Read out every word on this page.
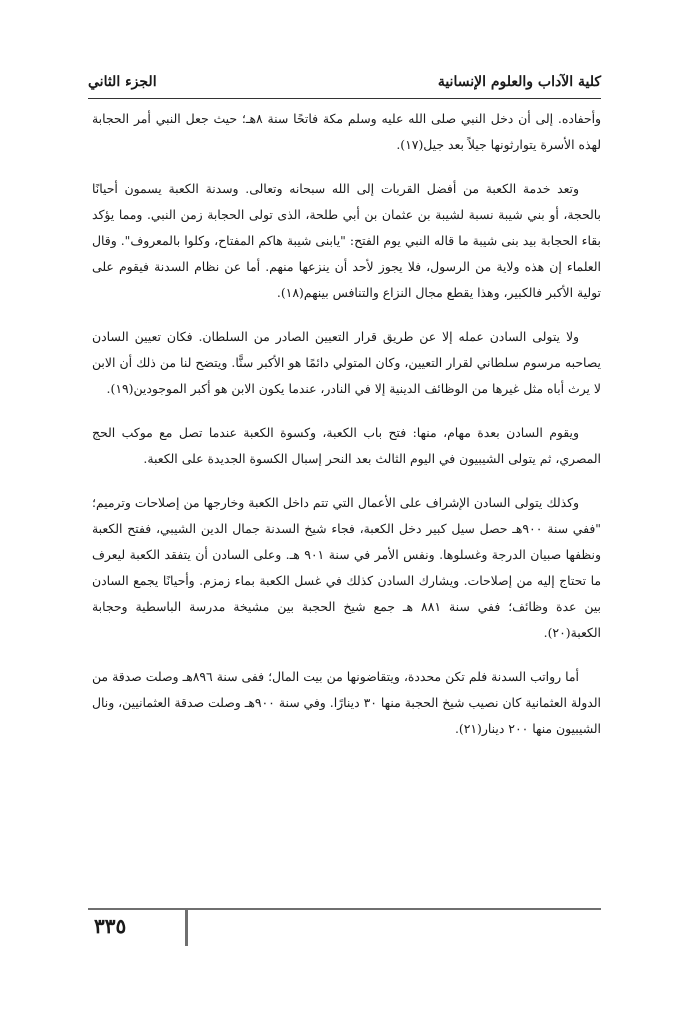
كلية الآداب والعلوم الإنسانية
الجزء الثاني

وأحفاده. إلى أن دخل النبي صلى الله عليه وسلم مكة فاتحًا سنة ٨هـ؛ حيث جعل النبي أمر الحجابة لهذه الأسرة يتوارثونها جيلاً بعد جيل(١٧).

وتعد خدمة الكعبة من أفضل القربات إلى الله سبحانه وتعالى. وسدنة الكعبة يسمون أحيانًا بالحجة، أو بني شيبة نسبة لشيبة بن عثمان بن أبي طلحة، الذى تولى الحجابة زمن النبي. ومما يؤكد بقاء الحجابة بيد بنى شيبة ما قاله النبي يوم الفتح: "يابنى شيبة هاكم المفتاح، وكلوا بالمعروف". وقال العلماء إن هذه ولاية من الرسول، فلا يجوز لأحد أن ينزعها منهم. أما عن نظام السدنة فيقوم على تولية الأكبر فالكبير، وهذا يقطع مجال النزاع والتنافس بينهم(١٨).

ولا يتولى السادن عمله إلا عن طريق قرار التعيين الصادر من السلطان. فكان تعيين السادن يصاحبه مرسوم سلطاني لقرار التعيين، وكان المتولي دائمًا هو الأكبر سنًّا. ويتضح لنا من ذلك أن الابن لا يرث أباه مثل غيرها من الوظائف الدينية إلا في النادر، عندما يكون الابن هو أكبر الموجودين(١٩).

ويقوم السادن بعدة مهام، منها: فتح باب الكعبة، وكسوة الكعبة عندما تصل مع موكب الحج المصري، ثم يتولى الشيبيون في اليوم الثالث بعد النحر إسبال الكسوة الجديدة على الكعبة.

وكذلك يتولى السادن الإشراف على الأعمال التي تتم داخل الكعبة وخارجها من إصلاحات وترميم؛ "ففي سنة ٩٠٠هـ حصل سيل كبير دخل الكعبة، فجاء شيخ السدنة جمال الدين الشيبي، ففتح الكعبة ونظفها صبيان الدرجة وغسلوها. ونفس الأمر في سنة ٩٠١ هـ. وعلى السادن أن يتفقد الكعبة ليعرف ما تحتاج إليه من إصلاحات. ويشارك السادن كذلك في غسل الكعبة بماء زمزم. وأحيانًا يجمع السادن بين عدة وظائف؛ ففي سنة ٨٨١ هـ جمع شيخ الحجبة بين مشيخة مدرسة الباسطية وحجابة الكعبة(٢٠).

أما رواتب السدنة فلم تكن محددة، ويتقاضونها من بيت المال؛ ففى سنة ٨٩٦هـ وصلت صدقة من الدولة العثمانية كان نصيب شيخ الحجبة منها ٣٠ دينارًا. وفي سنة ٩٠٠هـ وصلت صدقة العثمانيين، ونال الشيبيون منها ٢٠٠ دينار(٢١).

٣٣٥
